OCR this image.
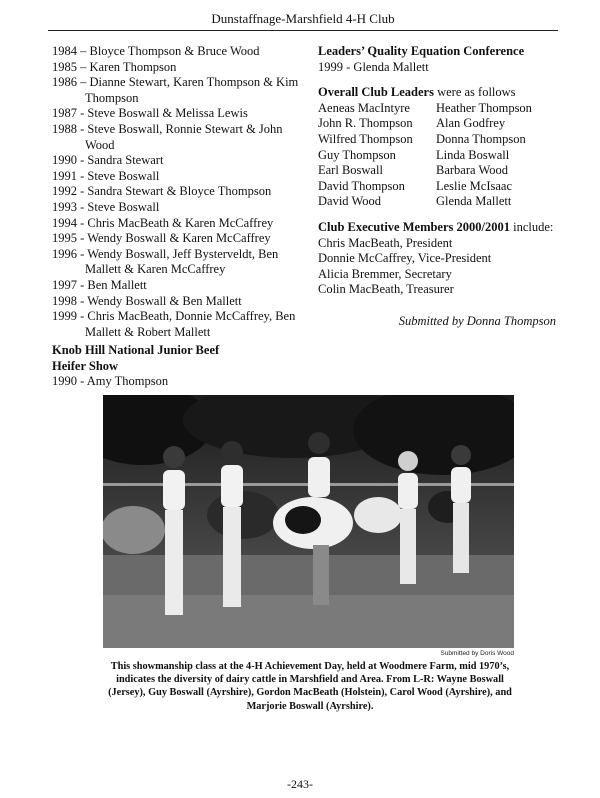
Dunstaffnage-Marshfield 4-H Club

1984 – Bloyce Thompson & Bruce Wood

1985 – Karen Thompson

1986 – Dianne Stewart, Karen Thompson & Kim Thompson

1987 - Steve Boswall & Melissa Lewis

1988 - Steve Boswall, Ronnie Stewart & John Wood

1990 - Sandra Stewart

1991 - Steve Boswall

1992 - Sandra Stewart & Bloyce Thompson

1993 - Steve Boswall

1994 - Chris MacBeath & Karen McCaffrey

1995 - Wendy Boswall & Karen McCaffrey

1996 - Wendy Boswall, Jeff Bysterveldt, Ben Mallett & Karen McCaffrey

1997 - Ben Mallett

1998 - Wendy Boswall & Ben Mallett

1999 - Chris MacBeath, Donnie McCaffrey, Ben Mallett & Robert Mallett

Knob Hill National Junior Beef

Heifer Show

1990 - Amy Thompson

Leaders’ Quality Equation Conference

1999 - Glenda Mallett

Overall Club Leaders were as follows

Aeneas MacIntyre	Heather Thompson
John R. Thompson	Alan Godfrey
Wilfred Thompson	Donna Thompson
Guy Thompson	Linda Boswall
Earl Boswall	Barbara Wood
David Thompson	Leslie McIsaac
David Wood	Glenda Mallett

Club Executive Members 2000/2001 include:

Chris MacBeath, President

Donnie McCaffrey, Vice-President

Alicia Bremmer, Secretary

Colin MacBeath, Treasurer

Submitted by Donna Thompson

Submitted by Doris Wood
This showmanship class at the 4-H Achievement Day, held at Woodmere Farm, mid 1970’s, indicates the diversity of dairy cattle in Marshfield and Area. From L-R: Wayne Boswall (Jersey), Guy Boswall (Ayrshire), Gordon MacBeath (Holstein), Carol Wood (Ayrshire), and Marjorie Boswall (Ayrshire).
-243-
